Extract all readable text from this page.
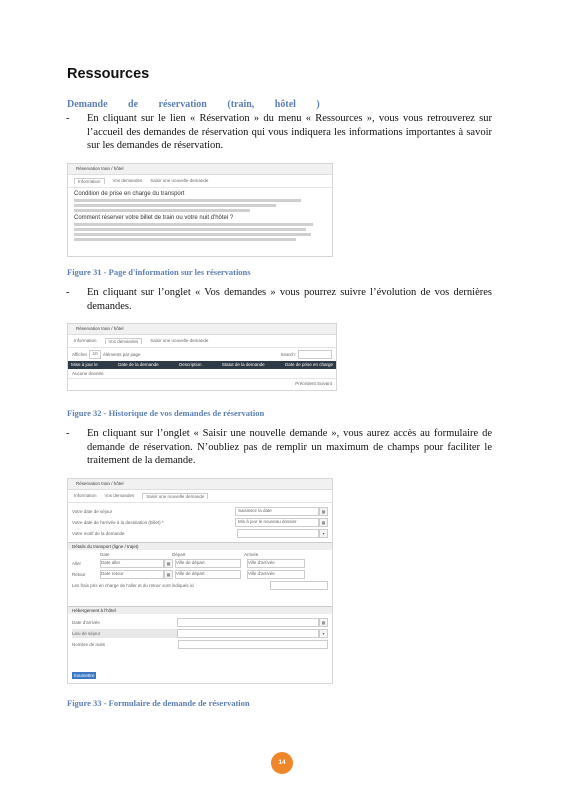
Ressources
Demande de réservation (train, hôtel )
- En cliquant sur le lien « Réservation » du menu « Ressources », vous vous retrouverez sur l’accueil des demandes de réservation qui vous indiquera les informations importantes à savoir sur les demandes de réservation.
Réservation train / hôtel
Information	Vos demandes Saisir une nouvelle demande
Condition de prise en charge du transport
Comment réserver votre billet de train ou votre nuit d'hôtel ?
Figure 31 - Page d'information sur les réservations
- En cliquant sur l’onglet « Vos demandes » vous pourrez suivre l’évolution de vos dernières demandes.
Réservation train / hôtel
Information	Vos demandes	Saisir une nouvelle demande
Afficher	10	éléments par page	Search:
Mise à jour le	Date de la demande	Description	Statut de la demande	Date de prise en charge
Aucune donnée
Précédent Suivant
Figure 32 - Historique de vos demandes de réservation
- En cliquant sur l’onglet « Saisir une nouvelle demande », vous aurez accès au formulaire de demande de réservation. N’oubliez pas de remplir un maximum de champs pour faciliter le traitement de la demande.
Réservation train / hôtel
Information Vos demandes	Saisir une nouvelle demande
Votre date de séjour	Saisissez la date	▦
Votre date de l'arrivée à la destination (billet) *	Mis à jour le nouveau dossier	▦
Votre motif de la demande	▾
Détails du transport (ligne / trajet)
Date	Départ	Arrivée
Aller	Date aller	▦	Ville de départ	Ville d'arrivée
Retour	Date retour	▦	Ville de départ	Ville d'arrivée
Les frais pris en charge de l'aller et du retour sont indiqués ici
Hébergement à l'hôtel
Date d'arrivée	▦
Lieu de séjour	▾
Nombre de nuits
Soumettre
Figure 33 - Formulaire de demande de réservation
14
